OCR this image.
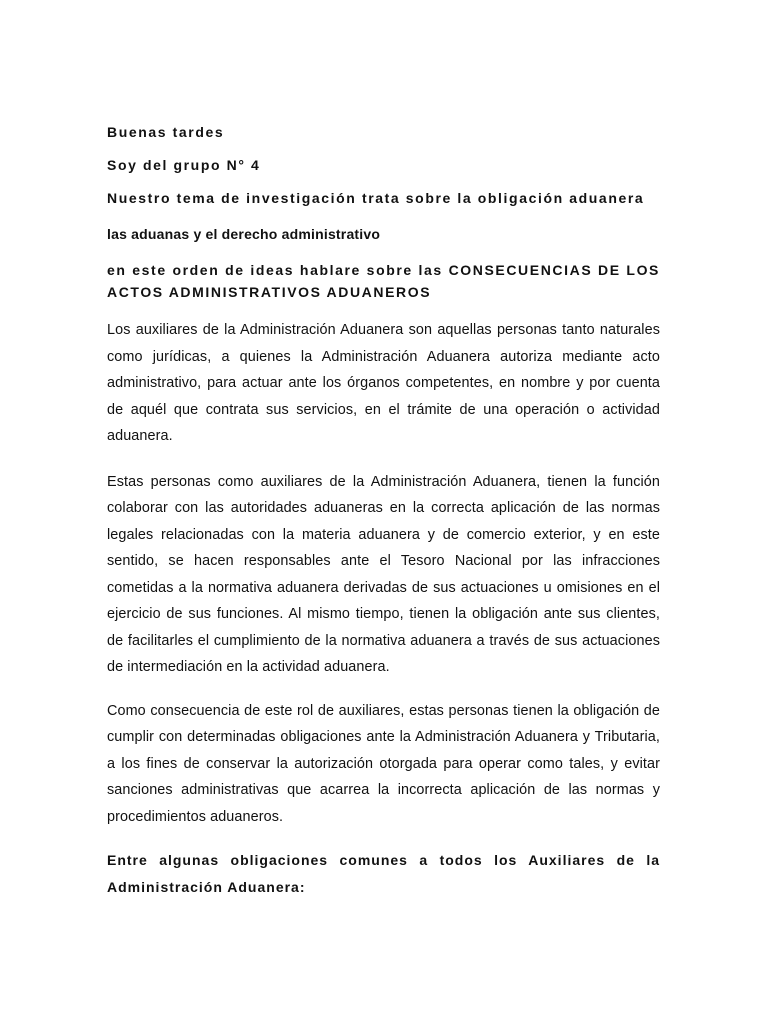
Buenas tardes

Soy del grupo N° 4

Nuestro tema de investigación trata sobre la obligación aduanera

las aduanas y el derecho administrativo

en este orden de ideas hablare sobre las CONSECUENCIAS DE LOS ACTOS ADMINISTRATIVOS ADUANEROS

Los auxiliares de la Administración Aduanera son aquellas personas tanto naturales como jurídicas, a quienes la Administración Aduanera autoriza mediante acto administrativo, para actuar ante los órganos competentes, en nombre y por cuenta de aquél que contrata sus servicios, en el trámite de una operación o actividad aduanera.

Estas personas como auxiliares de la Administración Aduanera, tienen la función colaborar con las autoridades aduaneras en la correcta aplicación de las normas legales relacionadas con la materia aduanera y de comercio exterior, y en este sentido, se hacen responsables ante el Tesoro Nacional por las infracciones cometidas a la normativa aduanera derivadas de sus actuaciones u omisiones en el ejercicio de sus funciones. Al mismo tiempo, tienen la obligación ante sus clientes, de facilitarles el cumplimiento de la normativa aduanera a través de sus actuaciones de intermediación en la actividad aduanera.

Como consecuencia de este rol de auxiliares, estas personas tienen la obligación de cumplir con determinadas obligaciones ante la Administración Aduanera y Tributaria, a los fines de conservar la autorización otorgada para operar como tales, y evitar sanciones administrativas que acarrea la incorrecta aplicación de las normas y procedimientos aduaneros.

Entre algunas obligaciones comunes a todos los Auxiliares de la Administración Aduanera:
